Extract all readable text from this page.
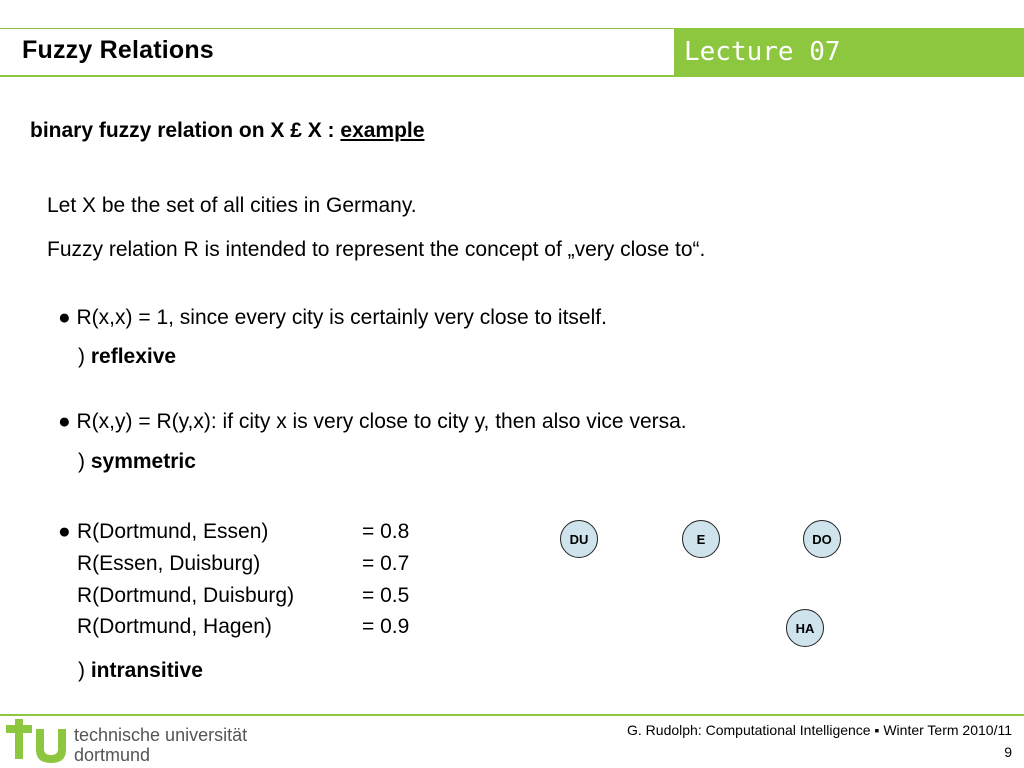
Fuzzy Relations	Lecture 07
binary fuzzy relation on X £ X : example
Let X be the set of all cities in Germany.
Fuzzy relation R is intended to represent the concept of „very close to“.
● R(x,x) = 1, since every city is certainly very close to itself.
) reflexive
● R(x,y) = R(y,x): if city x is very close to city y, then also vice versa.
) symmetric
● R(Dortmund, Essen)	= 0.8
R(Essen, Duisburg)	= 0.7
R(Dortmund, Duisburg)	= 0.5
R(Dortmund, Hagen)	= 0.9
) intransitive
DU	E	DO
HA
technische universität
dortmund
G. Rudolph: Computational Intelligence ▪ Winter Term 2010/11
9
